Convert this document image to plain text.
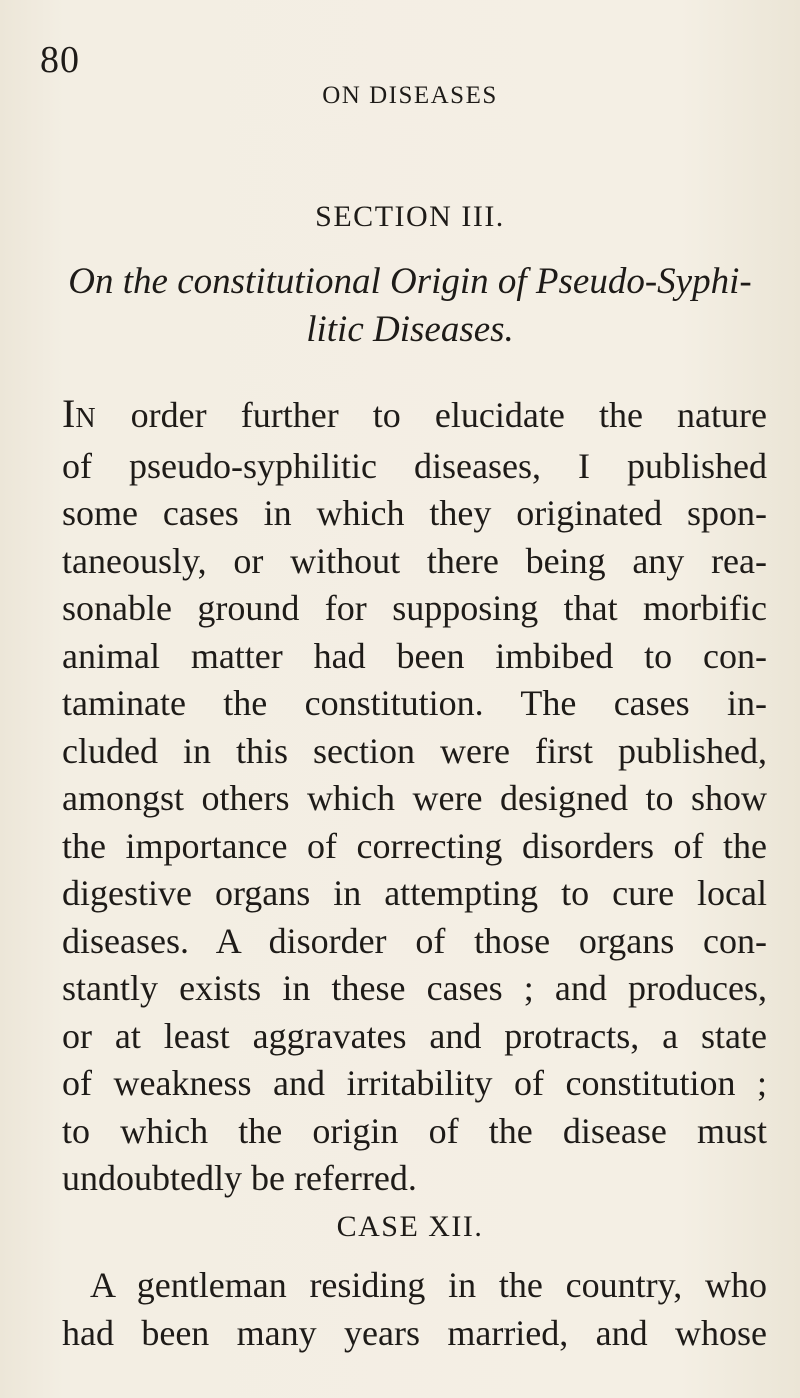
80
ON DISEASES
SECTION III.
On the constitutional Origin of Pseudo-Syphi-
litic Diseases.
IN order further to elucidate the nature
of pseudo-syphilitic diseases, I published
some cases in which they originated spon-
taneously, or without there being any rea-
sonable ground for supposing that morbific
animal matter had been imbibed to con-
taminate the constitution. The cases in-
cluded in this section were first published,
amongst others which were designed to show
the importance of correcting disorders of the
digestive organs in attempting to cure local
diseases. A disorder of those organs con-
stantly exists in these cases ; and produces,
or at least aggravates and protracts, a state
of weakness and irritability of constitution ;
to which the origin of the disease must
undoubtedly be referred.
CASE XII.
A gentleman residing in the country, who
had been many years married, and whose
